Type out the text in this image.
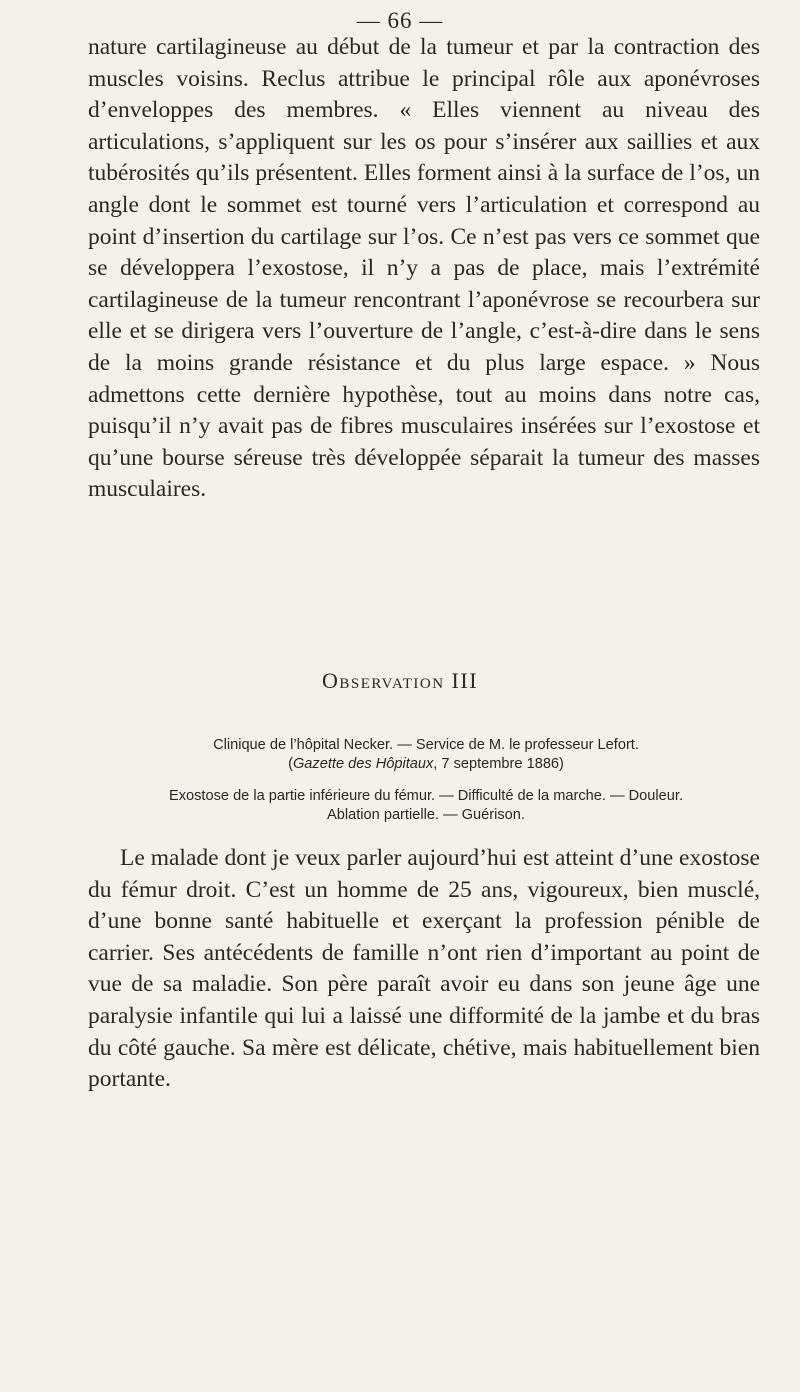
— 66 —

nature cartilagineuse au début de la tumeur et par la contraction des muscles voisins. Reclus attribue le principal rôle aux aponévroses d’enveloppes des membres. « Elles viennent au niveau des articulations, s’appliquent sur les os pour s’insérer aux saillies et aux tubérosités qu’ils présentent. Elles forment ainsi à la surface de l’os, un angle dont le sommet est tourné vers l’articulation et correspond au point d’insertion du cartilage sur l’os. Ce n’est pas vers ce sommet que se développera l’exostose, il n’y a pas de place, mais l’extrémité cartilagineuse de la tumeur rencontrant l’aponévrose se recourbera sur elle et se dirigera vers l’ouverture de l’angle, c’est-à-dire dans le sens de la moins grande résistance et du plus large espace. » Nous admettons cette dernière hypothèse, tout au moins dans notre cas, puisqu’il n’y avait pas de fibres musculaires insérées sur l’exostose et qu’une bourse séreuse très développée séparait la tumeur des masses musculaires.

Observation III
Clinique de l’hôpital Necker. — Service de M. le professeur Lefort.
(Gazette des Hôpitaux, 7 septembre 1886)
Exostose de la partie inférieure du fémur. — Difficulté de la marche. — Douleur.
Ablation partielle. — Guérison.

Le malade dont je veux parler aujourd’hui est atteint d’une exostose du fémur droit. C’est un homme de 25 ans, vigoureux, bien musclé, d’une bonne santé habituelle et exerçant la profession pénible de carrier. Ses antécédents de famille n’ont rien d’important au point de vue de sa maladie. Son père paraît avoir eu dans son jeune âge une paralysie infantile qui lui a laissé une difformité de la jambe et du bras du côté gauche. Sa mère est délicate, chétive, mais habituellement bien portante.
